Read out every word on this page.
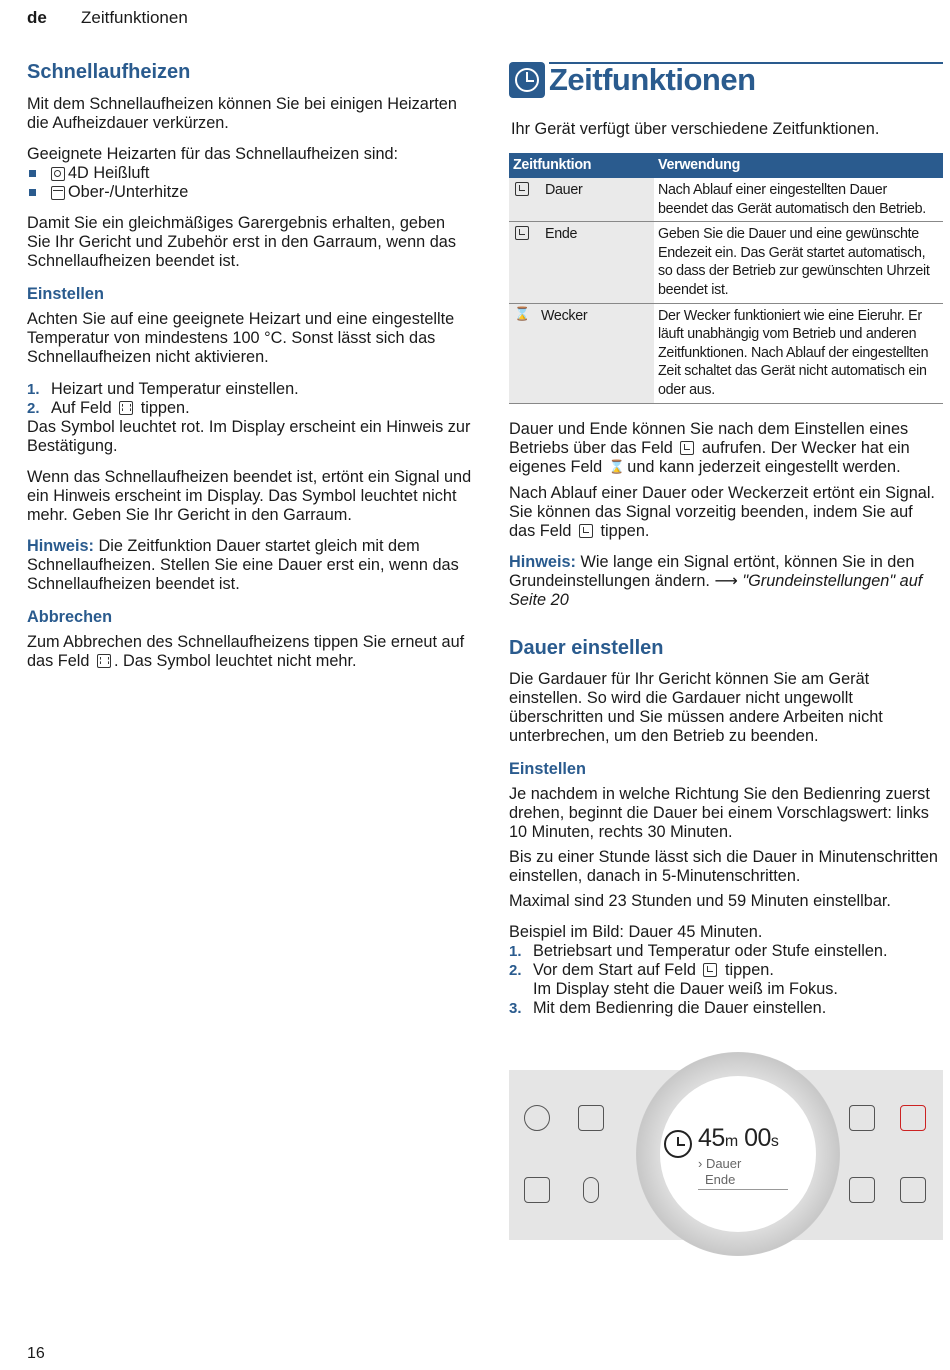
de Zeitfunktionen
Schnellaufheizen

Mit dem Schnellaufheizen können Sie bei einigen Heizarten die Aufheizdauer verkürzen.

Geeignete Heizarten für das Schnellaufheizen sind:
4D Heißluft
Ober-/Unterhitze

Damit Sie ein gleichmäßiges Garergebnis erhalten, geben Sie Ihr Gericht und Zubehör erst in den Garraum, wenn das Schnellaufheizen beendet ist.

Einstellen

Achten Sie auf eine geeignete Heizart und eine eingestellte Temperatur von mindestens 100 °C. Sonst lässt sich das Schnellaufheizen nicht aktivieren.

1. Heizart und Temperatur einstellen.
2. Auf Feld tippen.

Das Symbol leuchtet rot. Im Display erscheint ein Hinweis zur Bestätigung.

Wenn das Schnellaufheizen beendet ist, ertönt ein Signal und ein Hinweis erscheint im Display. Das Symbol leuchtet nicht mehr. Geben Sie Ihr Gericht in den Garraum.

Hinweis: Die Zeitfunktion Dauer startet gleich mit dem Schnellaufheizen. Stellen Sie eine Dauer erst ein, wenn das Schnellaufheizen beendet ist.

Abbrechen

Zum Abbrechen des Schnellaufheizens tippen Sie erneut auf das Feld . Das Symbol leuchtet nicht mehr.

Zeitfunktionen
Ihr Gerät verfügt über verschiedene Zeitfunktionen.
Zeitfunktion	Verwendung
Dauer	Nach Ablauf einer eingestellten Dauer beendet das Gerät automatisch den Betrieb.
Ende	Geben Sie die Dauer und eine gewünschte Endezeit ein. Das Gerät startet automatisch, so dass der Betrieb zur gewünschten Uhrzeit beendet ist.
⌛Wecker	Der Wecker funktioniert wie eine Eieruhr. Er läuft unabhängig vom Betrieb und anderen Zeitfunktionen. Nach Ablauf der eingestellten Zeit schaltet das Gerät nicht automatisch ein oder aus.

Dauer und Ende können Sie nach dem Einstellen eines Betriebs über das Feld  aufrufen. Der Wecker hat ein eigenes Feld ⌛ und kann jederzeit eingestellt werden.

Nach Ablauf einer Dauer oder Weckerzeit ertönt ein Signal. Sie können das Signal vorzeitig beenden, indem Sie auf das Feld  tippen.

Hinweis: Wie lange ein Signal ertönt, können Sie in den Grundeinstellungen ändern. ⟶ "Grundeinstellungen" auf Seite 20

Dauer einstellen

Die Gardauer für Ihr Gericht können Sie am Gerät einstellen. So wird die Gardauer nicht ungewollt überschritten und Sie müssen andere Arbeiten nicht unterbrechen, um den Betrieb zu beenden.

Einstellen

Je nachdem in welche Richtung Sie den Bedienring zuerst drehen, beginnt die Dauer bei einem Vorschlagswert: links 10 Minuten, rechts 30 Minuten.

Bis zu einer Stunde lässt sich die Dauer in Minutenschritten einstellen, danach in 5-Minutenschritten.

Maximal sind 23 Stunden und 59 Minuten einstellbar.

Beispiel im Bild: Dauer 45 Minuten.
1. Betriebsart und Temperatur oder Stufe einstellen.
2. Vor dem Start auf Feld  tippen.
Im Display steht die Dauer weiß im Fokus.
3. Mit dem Bedienring die Dauer einstellen.
45m 00s
› Dauer
Ende
16
